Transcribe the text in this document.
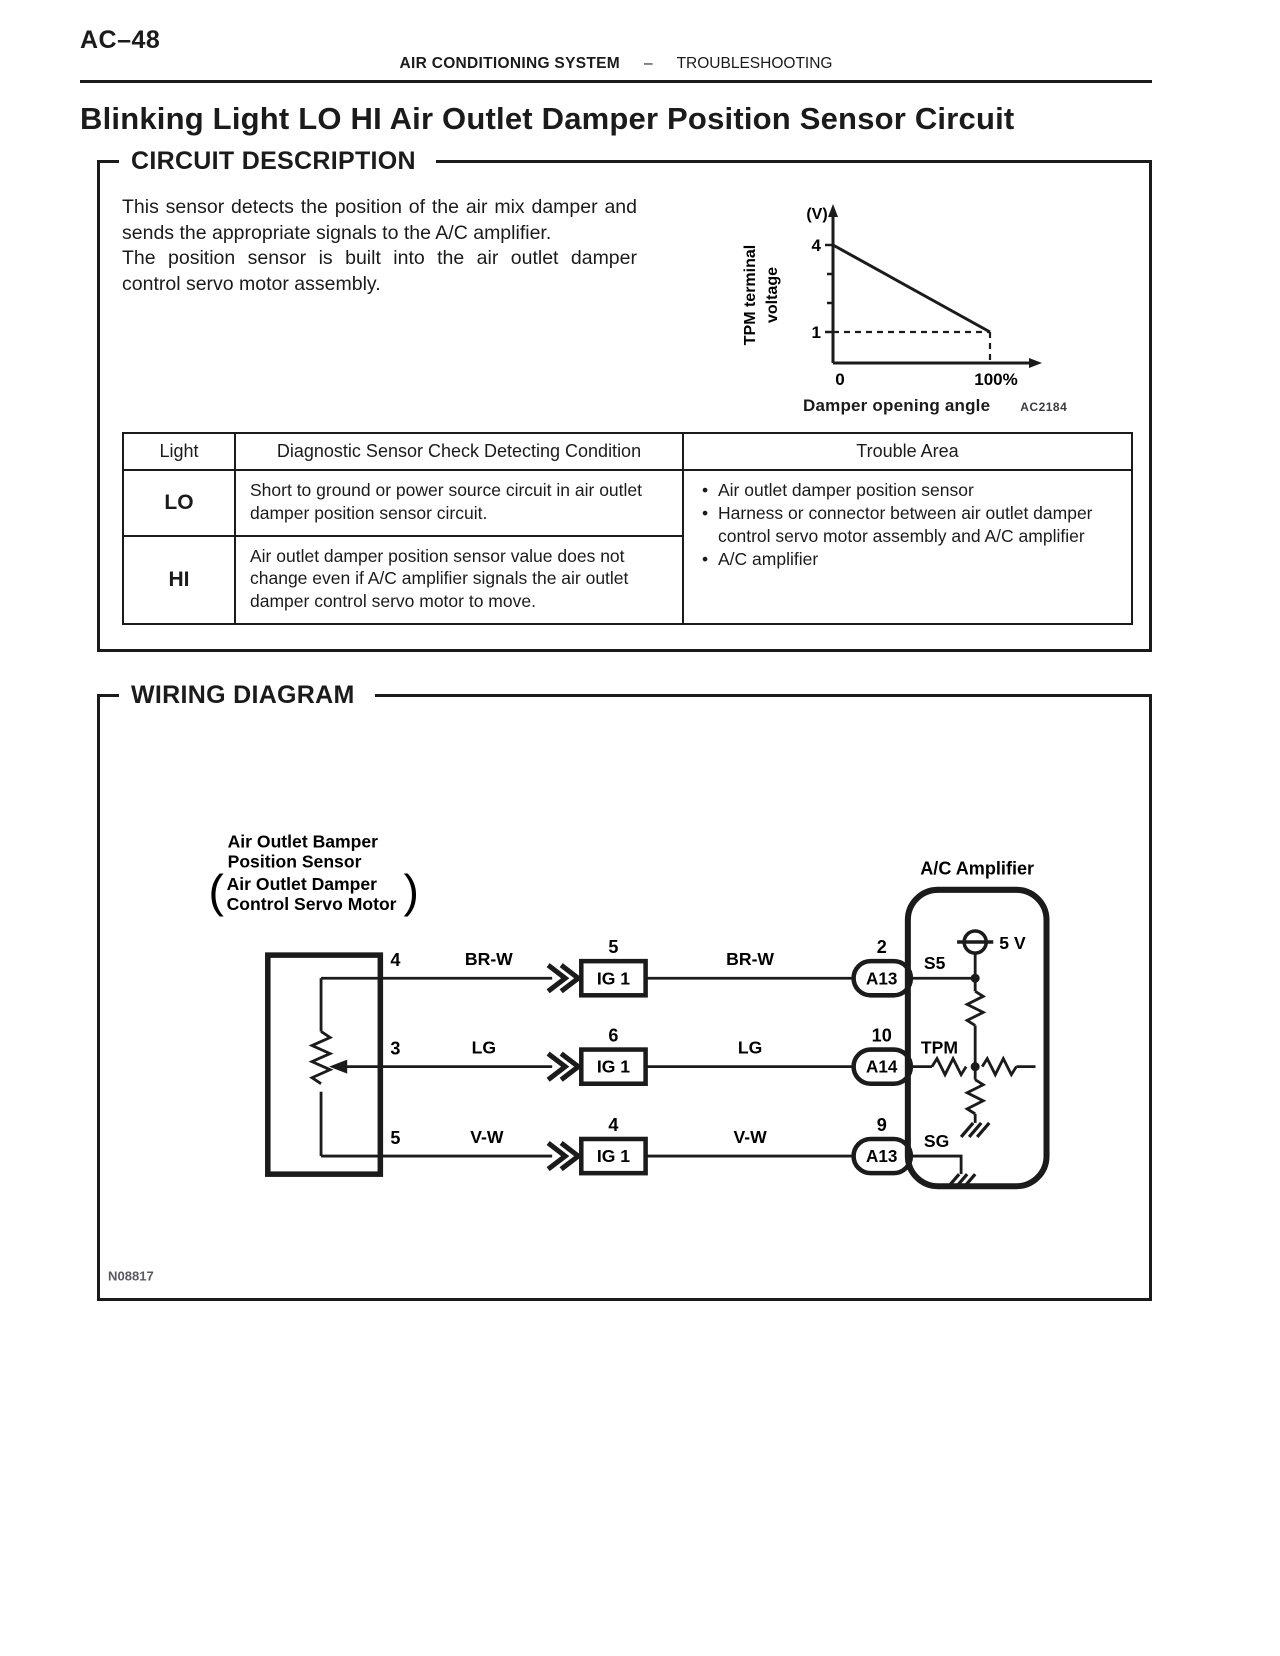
AC–48
AIR CONDITIONING SYSTEM – TROUBLESHOOTING
Blinking Light LO HI Air Outlet Damper Position Sensor Circuit
CIRCUIT DESCRIPTION

This sensor detects the position of the air mix damper and sends the appropriate signals to the A/C amplifier.

The position sensor is built into the air outlet damper control servo motor assembly.	TPM terminal voltage
(V)
4
1
0	100%
Damper opening angle	AC2184
Light	Diagnostic Sensor Check Detecting Condition	Trouble Area
LO	Short to ground or power source circuit in air outlet damper position sensor circuit.	
• Air outlet damper position sensor
• Harness or connector between air outlet damper control servo motor assembly and A/C amplifier
• A/C amplifier

HI	Air outlet damper position sensor value does not change even if A/C amplifier signals the air outlet damper control servo motor to move.	
WIRING DIAGRAM
Air Outlet Bamper
Position Sensor
( Air Outlet Damper
Control Servo Motor )
4	BR-W
5
IG 1
BR-W
2
A13
3	LG
6
IG 1
LG
10
A14
5	V-W
4
IG 1
V-W
9
A13
A/C Amplifier
S5
5 V
TPM
SG
N08817
